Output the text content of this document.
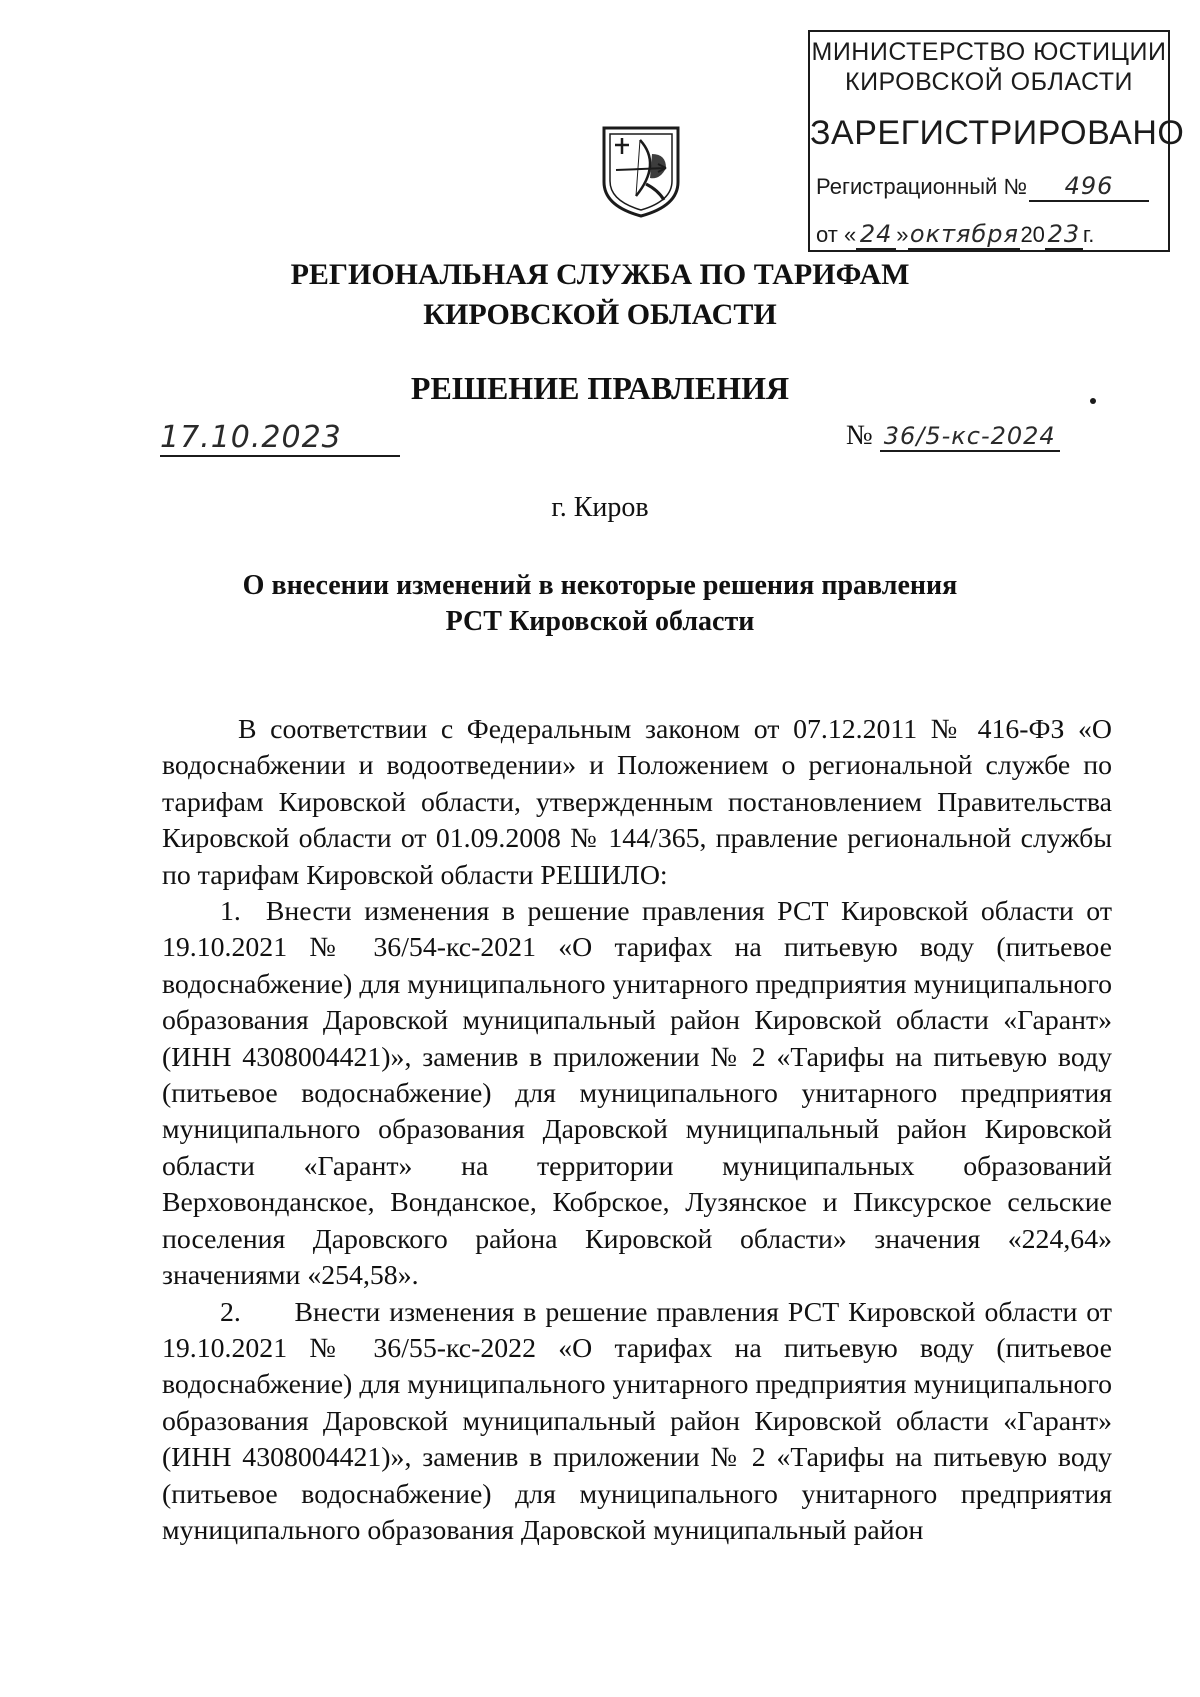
МИНИСТЕРСТВО ЮСТИЦИИ
КИРОВСКОЙ ОБЛАСТИ
ЗАРЕГИСТРИРОВАНО
Регистрационный № 496
от « 24 »октября20 23 г.
РЕГИОНАЛЬНАЯ СЛУЖБА ПО ТАРИФАМ
КИРОВСКОЙ ОБЛАСТИ
РЕШЕНИЕ ПРАВЛЕНИЯ
17.10.2023	№ 36/5-кс-2024
г. Киров
О внесении изменений в некоторые решения правления
РСТ Кировской области

В соответствии с Федеральным законом от 07.12.2011 № 416-ФЗ «О водоснабжении и водоотведении» и Положением о региональной службе по тарифам Кировской области, утвержденным постановлением Правительства Кировской области от 01.09.2008 № 144/365, правление региональной службы по тарифам Кировской области РЕШИЛО:

1. Внести изменения в решение правления РСТ Кировской области от 19.10.2021 № 36/54-кс-2021 «О тарифах на питьевую воду (питьевое водоснабжение) для муниципального унитарного предприятия муниципального образования Даровской муниципальный район Кировской области «Гарант» (ИНН 4308004421)», заменив в приложении № 2 «Тарифы на питьевую воду (питьевое водоснабжение) для муниципального унитарного предприятия муниципального образования Даровской муниципальный район Кировской области «Гарант» на территории муниципальных образований Верховонданское, Вонданское, Кобрское, Лузянское и Пиксурское сельские поселения Даровского района Кировской области» значения «224,64» значениями «254,58».

2. Внести изменения в решение правления РСТ Кировской области от 19.10.2021 № 36/55-кс-2022 «О тарифах на питьевую воду (питьевое водоснабжение) для муниципального унитарного предприятия муниципального образования Даровской муниципальный район Кировской области «Гарант» (ИНН 4308004421)», заменив в приложении № 2 «Тарифы на питьевую воду (питьевое водоснабжение) для муниципального унитарного предприятия муниципального образования Даровской муниципальный район
